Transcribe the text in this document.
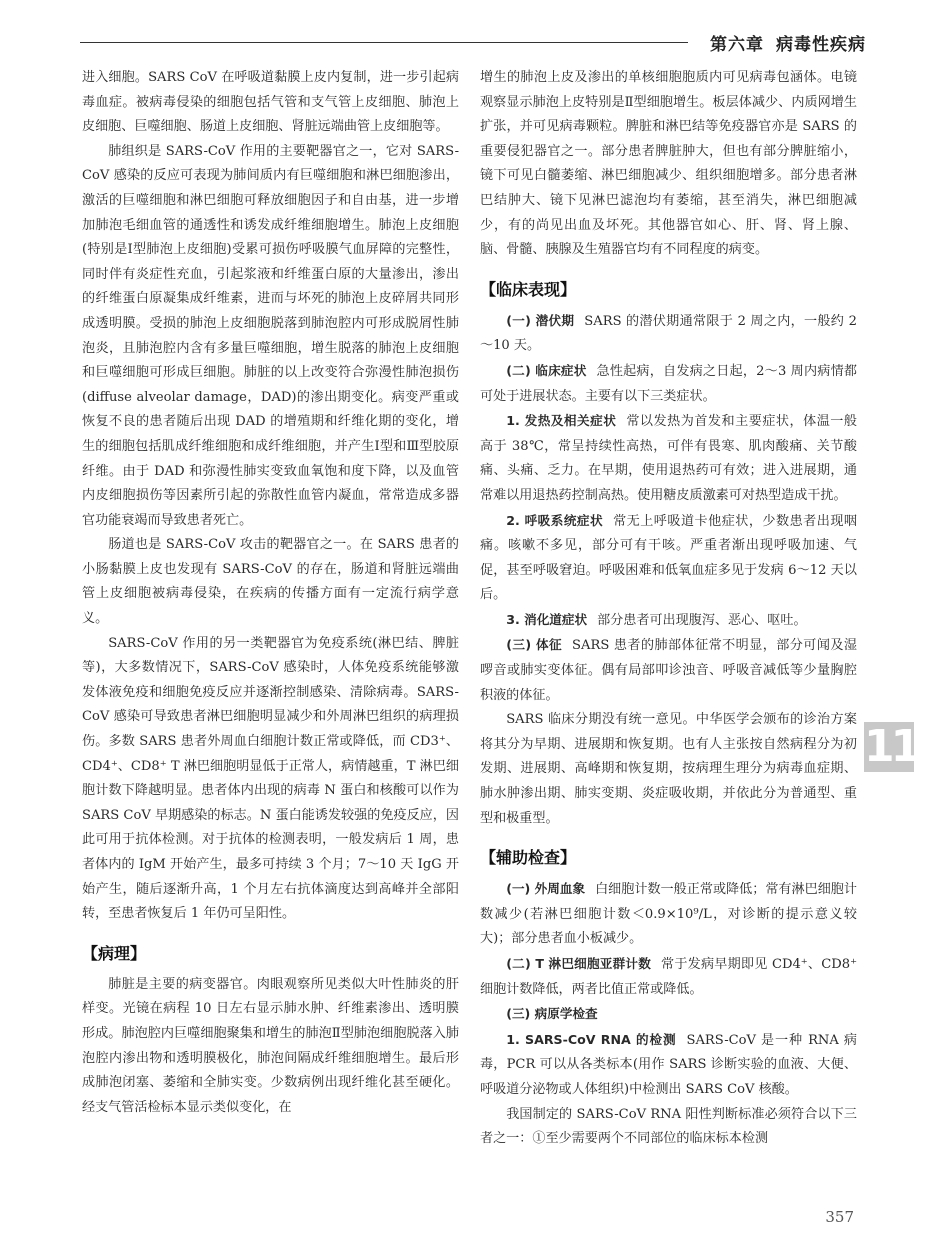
第六章 病毒性疾病

进入细胞。SARS CoV 在呼吸道黏膜上皮内复制，进一步引起病毒血症。被病毒侵染的细胞包括气管和支气管上皮细胞、肺泡上皮细胞、巨噬细胞、肠道上皮细胞、肾脏远端曲管上皮细胞等。

肺组织是 SARS-CoV 作用的主要靶器官之一，它对 SARS-CoV 感染的反应可表现为肺间质内有巨噬细胞和淋巴细胞渗出，激活的巨噬细胞和淋巴细胞可释放细胞因子和自由基，进一步增加肺泡毛细血管的通透性和诱发成纤维细胞增生。肺泡上皮细胞(特别是Ⅰ型肺泡上皮细胞)受累可损伤呼吸膜气血屏障的完整性，同时伴有炎症性充血，引起浆液和纤维蛋白原的大量渗出，渗出的纤维蛋白原凝集成纤维素，进而与坏死的肺泡上皮碎屑共同形成透明膜。受损的肺泡上皮细胞脱落到肺泡腔内可形成脱屑性肺泡炎，且肺泡腔内含有多量巨噬细胞，增生脱落的肺泡上皮细胞和巨噬细胞可形成巨细胞。肺脏的以上改变符合弥漫性肺泡损伤(diffuse alveolar damage，DAD)的渗出期变化。病变严重或恢复不良的患者随后出现 DAD 的增殖期和纤维化期的变化，增生的细胞包括肌成纤维细胞和成纤维细胞，并产生Ⅰ型和Ⅲ型胶原纤维。由于 DAD 和弥漫性肺实变致血氧饱和度下降，以及血管内皮细胞损伤等因素所引起的弥散性血管内凝血，常常造成多器官功能衰竭而导致患者死亡。

肠道也是 SARS-CoV 攻击的靶器官之一。在 SARS 患者的小肠黏膜上皮也发现有 SARS-CoV 的存在，肠道和肾脏远端曲管上皮细胞被病毒侵染，在疾病的传播方面有一定流行病学意义。

SARS-CoV 作用的另一类靶器官为免疫系统(淋巴结、脾脏等)，大多数情况下，SARS-CoV 感染时，人体免疫系统能够激发体液免疫和细胞免疫反应并逐渐控制感染、清除病毒。SARS-CoV 感染可导致患者淋巴细胞明显减少和外周淋巴组织的病理损伤。多数 SARS 患者外周血白细胞计数正常或降低，而 CD3⁺、CD4⁺、CD8⁺ T 淋巴细胞明显低于正常人，病情越重，T 淋巴细胞计数下降越明显。患者体内出现的病毒 N 蛋白和核酸可以作为 SARS CoV 早期感染的标志。N 蛋白能诱发较强的免疫反应，因此可用于抗体检测。对于抗体的检测表明，一般发病后 1 周，患者体内的 IgM 开始产生，最多可持续 3 个月；7～10 天 IgG 开始产生，随后逐渐升高，1 个月左右抗体滴度达到高峰并全部阳转，至患者恢复后 1 年仍可呈阳性。

【病理】

肺脏是主要的病变器官。肉眼观察所见类似大叶性肺炎的肝样变。光镜在病程 10 日左右显示肺水肿、纤维素渗出、透明膜形成。肺泡腔内巨噬细胞聚集和增生的肺泡Ⅱ型肺泡细胞脱落入肺泡腔内渗出物和透明膜极化，肺泡间隔成纤维细胞增生。最后形成肺泡闭塞、萎缩和全肺实变。少数病例出现纤维化甚至硬化。经支气管活检标本显示类似变化，在

增生的肺泡上皮及渗出的单核细胞胞质内可见病毒包涵体。电镜观察显示肺泡上皮特别是Ⅱ型细胞增生。板层体减少、内质网增生扩张，并可见病毒颗粒。脾脏和淋巴结等免疫器官亦是 SARS 的重要侵犯器官之一。部分患者脾脏肿大，但也有部分脾脏缩小，镜下可见白髓萎缩、淋巴细胞减少、组织细胞增多。部分患者淋巴结肿大、镜下见淋巴滤泡均有萎缩，甚至消失，淋巴细胞减少，有的尚见出血及坏死。其他器官如心、肝、肾、肾上腺、脑、骨髓、胰腺及生殖器官均有不同程度的病变。

【临床表现】

(一) 潜伏期 SARS 的潜伏期通常限于 2 周之内，一般约 2～10 天。

(二) 临床症状 急性起病，自发病之日起，2～3 周内病情都可处于进展状态。主要有以下三类症状。

1. 发热及相关症状 常以发热为首发和主要症状，体温一般高于 38℃，常呈持续性高热，可伴有畏寒、肌肉酸痛、关节酸痛、头痛、乏力。在早期，使用退热药可有效；进入进展期，通常难以用退热药控制高热。使用糖皮质激素可对热型造成干扰。

2. 呼吸系统症状 常无上呼吸道卡他症状，少数患者出现咽痛。咳嗽不多见，部分可有干咳。严重者渐出现呼吸加速、气促，甚至呼吸窘迫。呼吸困难和低氧血症多见于发病 6～12 天以后。

3. 消化道症状 部分患者可出现腹泻、恶心、呕吐。

(三) 体征 SARS 患者的肺部体征常不明显，部分可闻及湿啰音或肺实变体征。偶有局部叩诊浊音、呼吸音减低等少量胸腔积液的体征。

SARS 临床分期没有统一意见。中华医学会颁布的诊治方案将其分为早期、进展期和恢复期。也有人主张按自然病程分为初发期、进展期、高峰期和恢复期，按病理生理分为病毒血症期、肺水肿渗出期、肺实变期、炎症吸收期，并依此分为普通型、重型和极重型。

【辅助检查】

(一) 外周血象 白细胞计数一般正常或降低；常有淋巴细胞计数减少(若淋巴细胞计数＜0.9×10⁹/L，对诊断的提示意义较大)；部分患者血小板减少。

(二) T 淋巴细胞亚群计数 常于发病早期即见 CD4⁺、CD8⁺ 细胞计数降低，两者比值正常或降低。

(三) 病原学检查

1. SARS-CoV RNA 的检测 SARS-CoV 是一种 RNA 病毒，PCR 可以从各类标本(用作 SARS 诊断实验的血液、大便、呼吸道分泌物或人体组织)中检测出 SARS CoV 核酸。

我国制定的 SARS-CoV RNA 阳性判断标准必须符合以下三者之一：①至少需要两个不同部位的临床标本检测

11
357
